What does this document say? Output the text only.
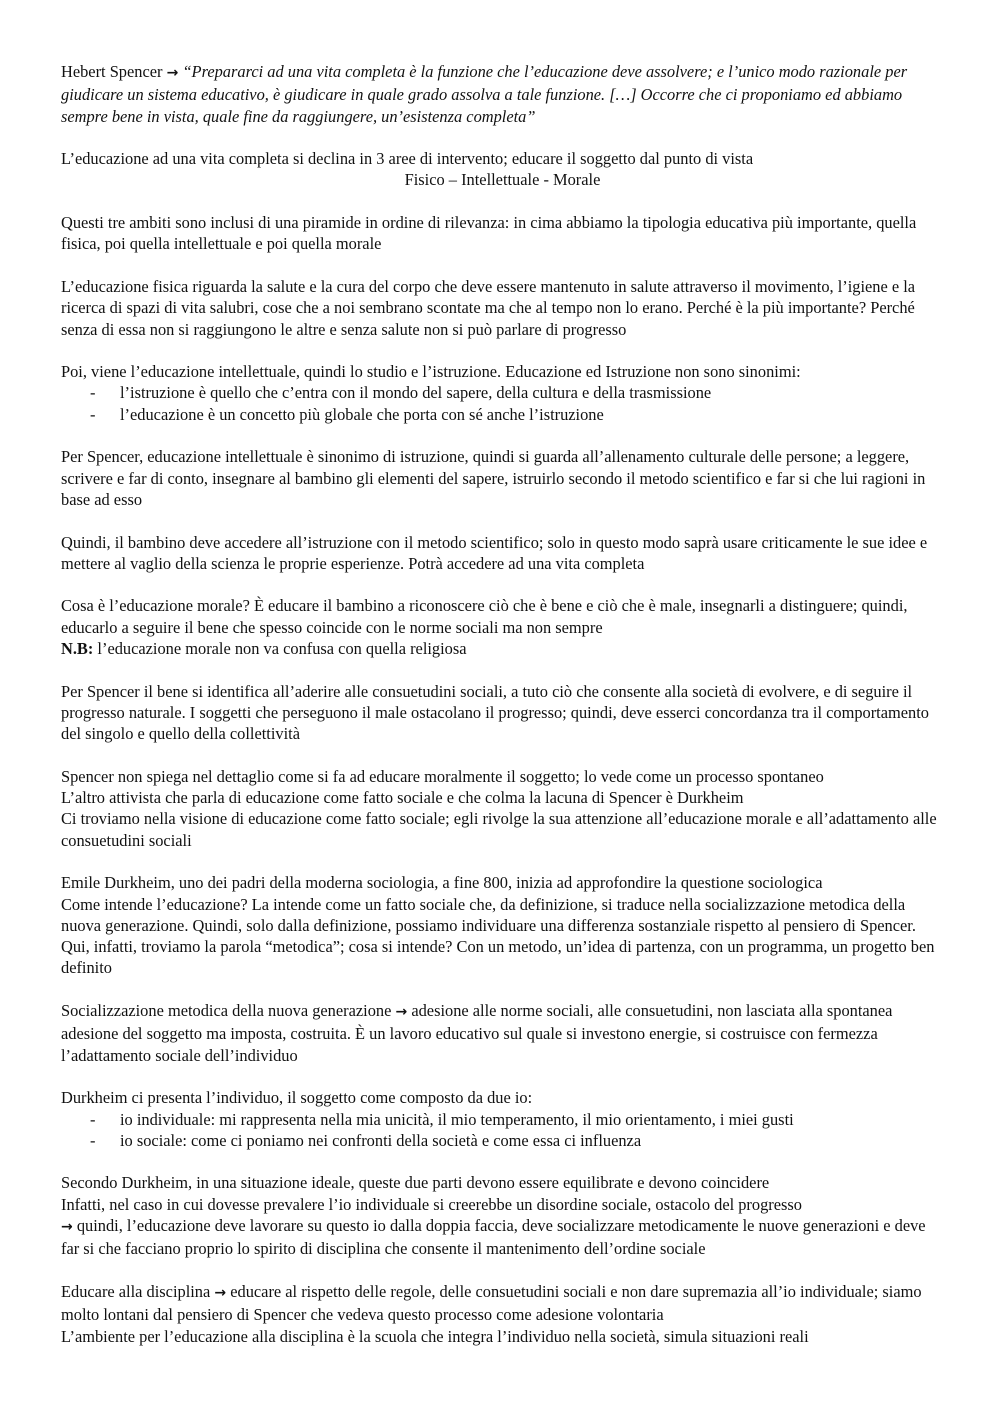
Hebert Spencer → “Prepararci ad una vita completa è la funzione che l’educazione deve assolvere; e l’unico modo razionale per giudicare un sistema educativo, è giudicare in quale grado assolva a tale funzione. […] Occorre che ci proponiamo ed abbiamo sempre bene in vista, quale fine da raggiungere, un’esistenza completa”

L’educazione ad una vita completa si declina in 3 aree di intervento; educare il soggetto dal punto di vista

Fisico – Intellettuale - Morale

Questi tre ambiti sono inclusi di una piramide in ordine di rilevanza: in cima abbiamo la tipologia educativa più importante, quella fisica, poi quella intellettuale e poi quella morale

L’educazione fisica riguarda la salute e la cura del corpo che deve essere mantenuto in salute attraverso il movimento, l’igiene e la ricerca di spazi di vita salubri, cose che a noi sembrano scontate ma che al tempo non lo erano. Perché è la più importante? Perché senza di essa non si raggiungono le altre e senza salute non si può parlare di progresso

Poi, viene l’educazione intellettuale, quindi lo studio e l’istruzione. Educazione ed Istruzione non sono sinonimi:

- l’istruzione è quello che c’entra con il mondo del sapere, della cultura e della trasmissione
- l’educazione è un concetto più globale che porta con sé anche l’istruzione

Per Spencer, educazione intellettuale è sinonimo di istruzione, quindi si guarda all’allenamento culturale delle persone; a leggere, scrivere e far di conto, insegnare al bambino gli elementi del sapere, istruirlo secondo il metodo scientifico e far si che lui ragioni in base ad esso

Quindi, il bambino deve accedere all’istruzione con il metodo scientifico; solo in questo modo saprà usare criticamente le sue idee e mettere al vaglio della scienza le proprie esperienze. Potrà accedere ad una vita completa

Cosa è l’educazione morale? È educare il bambino a riconoscere ciò che è bene e ciò che è male, insegnarli a distinguere; quindi, educarlo a seguire il bene che spesso coincide con le norme sociali ma non sempre

N.B: l’educazione morale non va confusa con quella religiosa

Per Spencer il bene si identifica all’aderire alle consuetudini sociali, a tuto ciò che consente alla società di evolvere, e di seguire il progresso naturale. I soggetti che perseguono il male ostacolano il progresso; quindi, deve esserci concordanza tra il comportamento del singolo e quello della collettività

Spencer non spiega nel dettaglio come si fa ad educare moralmente il soggetto; lo vede come un processo spontaneo

L’altro attivista che parla di educazione come fatto sociale e che colma la lacuna di Spencer è Durkheim

Ci troviamo nella visione di educazione come fatto sociale; egli rivolge la sua attenzione all’educazione morale e all’adattamento alle consuetudini sociali

Emile Durkheim, uno dei padri della moderna sociologia, a fine 800, inizia ad approfondire la questione sociologica

Come intende l’educazione? La intende come un fatto sociale che, da definizione, si traduce nella socializzazione metodica della nuova generazione. Quindi, solo dalla definizione, possiamo individuare una differenza sostanziale rispetto al pensiero di Spencer. Qui, infatti, troviamo la parola “metodica”; cosa si intende? Con un metodo, un’idea di partenza, con un programma, un progetto ben definito

Socializzazione metodica della nuova generazione → adesione alle norme sociali, alle consuetudini, non lasciata alla spontanea adesione del soggetto ma imposta, costruita. È un lavoro educativo sul quale si investono energie, si costruisce con fermezza l’adattamento sociale dell’individuo

Durkheim ci presenta l’individuo, il soggetto come composto da due io:

- io individuale: mi rappresenta nella mia unicità, il mio temperamento, il mio orientamento, i miei gusti
- io sociale: come ci poniamo nei confronti della società e come essa ci influenza

Secondo Durkheim, in una situazione ideale, queste due parti devono essere equilibrate e devono coincidere

Infatti, nel caso in cui dovesse prevalere l’io individuale si creerebbe un disordine sociale, ostacolo del progresso

→ quindi, l’educazione deve lavorare su questo io dalla doppia faccia, deve socializzare metodicamente le nuove generazioni e deve far si che facciano proprio lo spirito di disciplina che consente il mantenimento dell’ordine sociale

Educare alla disciplina → educare al rispetto delle regole, delle consuetudini sociali e non dare supremazia all’io individuale; siamo molto lontani dal pensiero di Spencer che vedeva questo processo come adesione volontaria

L’ambiente per l’educazione alla disciplina è la scuola che integra l’individuo nella società, simula situazioni reali
